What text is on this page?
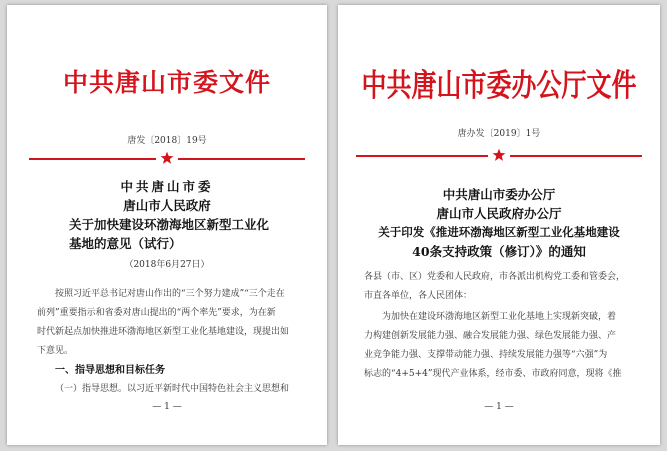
中共唐山市委文件
唐发〔2018〕19号
中共唐山市委
唐山市人民政府
关于加快建设环渤海地区新型工业化
基地的意见（试行）
（2018年6月27日）
按照习近平总书记对唐山作出的“三个努力建成”“三个走在
前列”重要指示和省委对唐山提出的“两个率先”要求，为在新
时代新起点加快推进环渤海地区新型工业化基地建设，现提出如
下意见。
一、指导思想和目标任务
（一）指导思想。以习近平新时代中国特色社会主义思想和
— 1 —
中共唐山市委办公厅文件
唐办发〔2019〕1号
中共唐山市委办公厅
唐山市人民政府办公厅
关于印发《推进环渤海地区新型工业化基地建设
40条支持政策（修订）》的通知
各县（市、区）党委和人民政府，市各派出机构党工委和管委会，
市直各单位，各人民团体：
为加快在建设环渤海地区新型工业化基地上实现新突破，着
力构建创新发展能力强、融合发展能力强、绿色发展能力强、产
业竞争能力强、支撑带动能力强、持续发展能力强等“六强”为
标志的“4+5+4”现代产业体系，经市委、市政府同意，现将《推
— 1 —
